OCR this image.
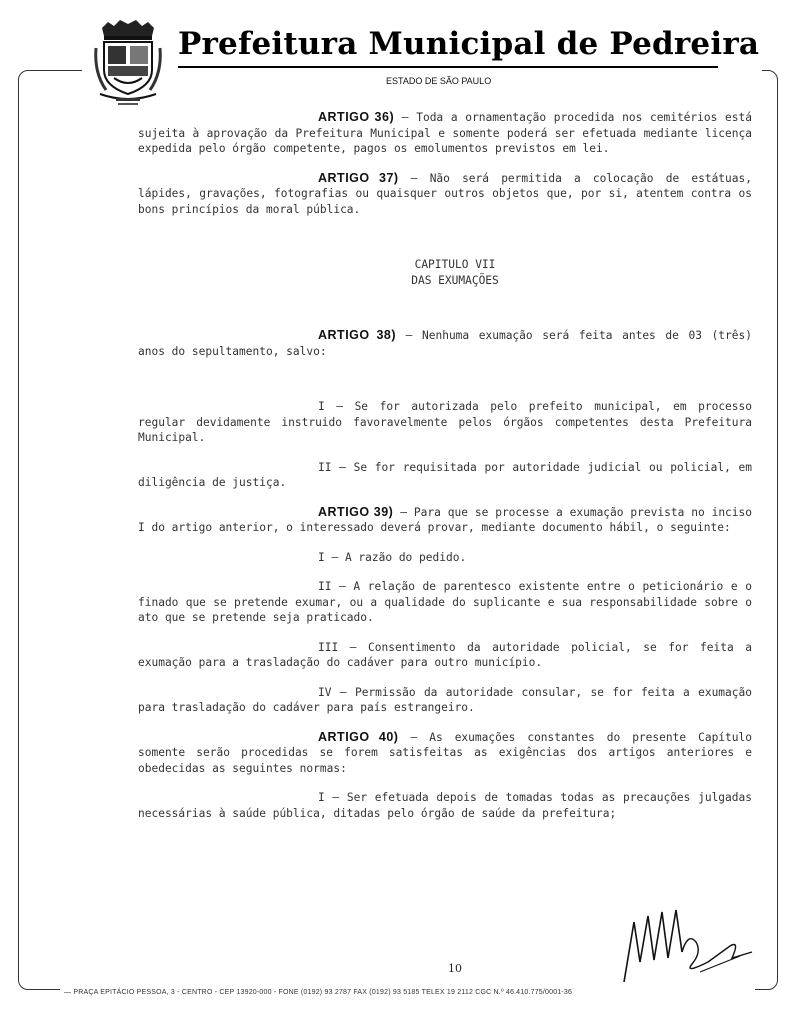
Prefeitura Municipal de Pedreira
ESTADO DE SÃO PAULO

ARTIGO 36) — Toda a ornamentação procedida nos cemitérios está sujeita à aprovação da Prefeitura Municipal e somente poderá ser efetuada mediante licença expedida pelo órgão competente, pagos os emolumentos previstos em lei.

ARTIGO 37) — Não será permitida a colocação de estátuas, lápides, gravações, fotografias ou quaisquer outros objetos que, por si, atentem contra os bons princípios da moral pública.

CAPITULO VII

DAS EXUMAÇÕES

ARTIGO 38) — Nenhuma exumação será feita antes de 03 (três) anos do sepultamento, salvo:

I — Se for autorizada pelo prefeito municipal, em processo regular devidamente instruido favoravelmente pelos órgãos competentes desta Prefeitura Municipal.

II — Se for requisitada por autoridade judicial ou policial, em diligência de justiça.

ARTIGO 39) — Para que se processe a exumação prevista no inciso I do artigo anterior, o interessado deverá provar, mediante documento hábil, o seguinte:

I — A razão do pedido.

II — A relação de parentesco existente entre o peticionário e o finado que se pretende exumar, ou a qualidade do suplicante e sua responsabilidade sobre o ato que se pretende seja praticado.

III — Consentimento da autoridade policial, se for feita a exumação para a trasladação do cadáver para outro município.

IV — Permissão da autoridade consular, se for feita a exumação para trasladação do cadáver para país estrangeiro.

ARTIGO 40) — As exumações constantes do presente Capítulo somente serão procedidas se forem satisfeitas as exigências dos artigos anteriores e obedecidas as seguintes normas:

I — Ser efetuada depois de tomadas todas as precauções julgadas necessárias à saúde pública, ditadas pelo órgão de saúde da prefeitura;

10
— PRAÇA EPITÁCIO PESSOA, 3 - CENTRO - CEP 13920-000 - FONE (0192) 93 2787 FAX (0192) 93 5185 TELEX 19 2112 CGC N.º 46.410.775/0001-36
